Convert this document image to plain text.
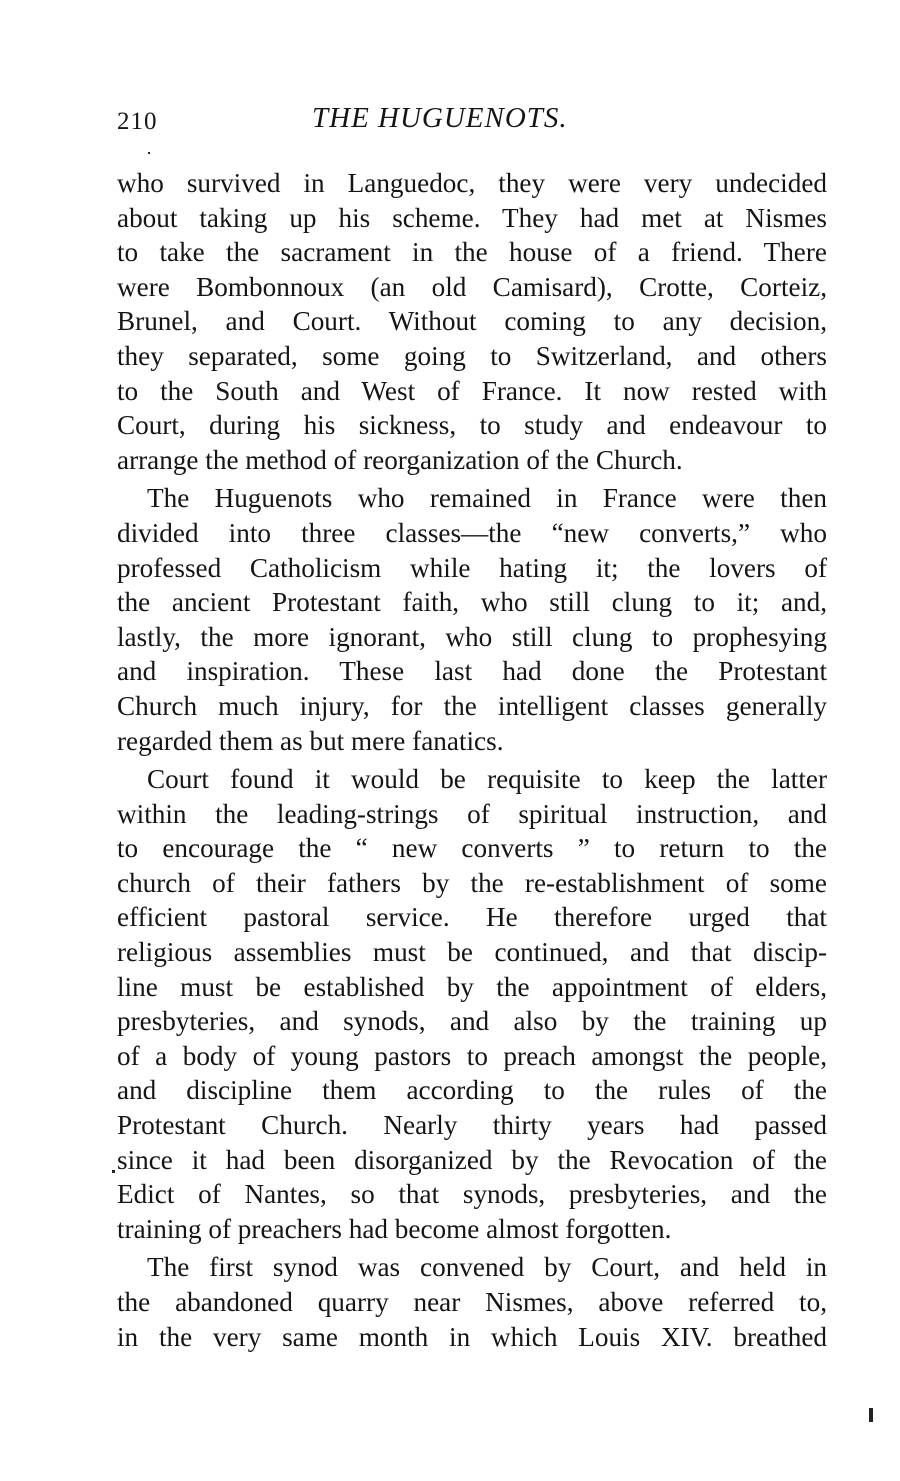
210	THE HUGUENOTS.
who survived in Languedoc, they were very undecided
about taking up his scheme. They had met at Nismes
to take the sacrament in the house of a friend. There
were Bombonnoux (an old Camisard), Crotte, Corteiz,
Brunel, and Court. Without coming to any decision,
they separated, some going to Switzerland, and others
to the South and West of France. It now rested with
Court, during his sickness, to study and endeavour to
arrange the method of reorganization of the Church.
The Huguenots who remained in France were then
divided into three classes—the “new converts,” who
professed Catholicism while hating it; the lovers of
the ancient Protestant faith, who still clung to it; and,
lastly, the more ignorant, who still clung to prophesying
and inspiration. These last had done the Protestant
Church much injury, for the intelligent classes generally
regarded them as but mere fanatics.
Court found it would be requisite to keep the latter
within the leading-strings of spiritual instruction, and
to encourage the “ new converts ” to return to the
church of their fathers by the re-establishment of some
efficient pastoral service. He therefore urged that
religious assemblies must be continued, and that discip-
line must be established by the appointment of elders,
presbyteries, and synods, and also by the training up
of a body of young pastors to preach amongst the people,
and discipline them according to the rules of the
Protestant Church. Nearly thirty years had passed
since it had been disorganized by the Revocation of the
Edict of Nantes, so that synods, presbyteries, and the
training of preachers had become almost forgotten.
The first synod was convened by Court, and held in
the abandoned quarry near Nismes, above referred to,
in the very same month in which Louis XIV. breathed
